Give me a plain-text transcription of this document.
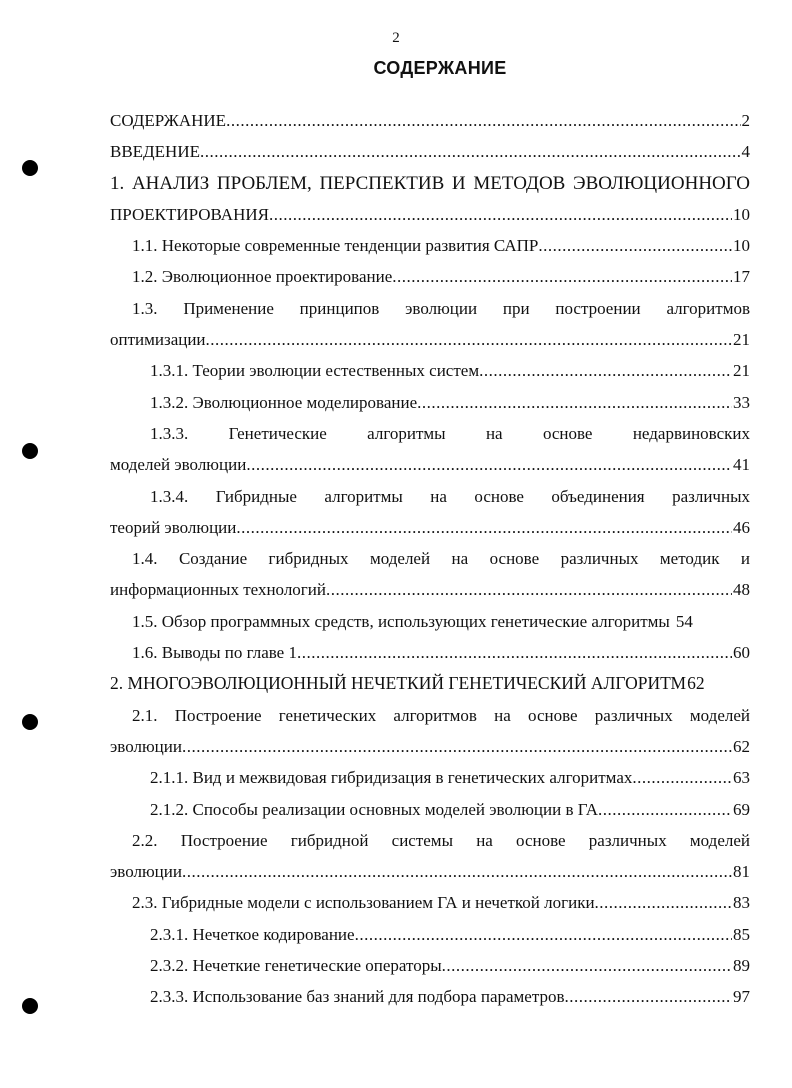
2
СОДЕРЖАНИЕ
СОДЕРЖАНИЕ .....	2
ВВЕДЕНИЕ .....	4
1. АНАЛИЗ ПРОБЛЕМ, ПЕРСПЕКТИВ И МЕТОДОВ ЭВОЛЮЦИОННОГО
ПРОЕКТИРОВАНИЯ .....	10
1.1. Некоторые современные тенденции развития САПР .....	10
1.2. Эволюционное проектирование .....	17
1.3. Применение принципов эволюции при построении алгоритмов
оптимизации .....	21
1.3.1. Теории эволюции естественных систем .....	21
1.3.2. Эволюционное моделирование .....	33
1.3.3. Генетические алгоритмы на основе недарвиновских
моделей эволюции .....	41
1.3.4. Гибридные алгоритмы на основе объединения различных
теорий эволюции .....	46
1.4. Создание гибридных моделей на основе различных методик и
информационных технологий .....	48
1.5. Обзор программных средств, использующих генетические алгоритмы 54
1.6. Выводы по главе 1 .....	60
2. МНОГОЭВОЛЮЦИОННЫЙ НЕЧЕТКИЙ ГЕНЕТИЧЕСКИЙ АЛГОРИТМ 62
2.1. Построение генетических алгоритмов на основе различных моделей
эволюции .....	62
2.1.1. Вид и межвидовая гибридизация в генетических алгоритмах .....	63
2.1.2. Способы реализации основных моделей эволюции в ГА .....	69
2.2. Построение гибридной системы на основе различных моделей
эволюции .....	81
2.3. Гибридные модели с использованием ГА и нечеткой логики .....	83
2.3.1. Нечеткое кодирование .....	85
2.3.2. Нечеткие генетические операторы .....	89
2.3.3. Использование баз знаний для подбора параметров .....	97
